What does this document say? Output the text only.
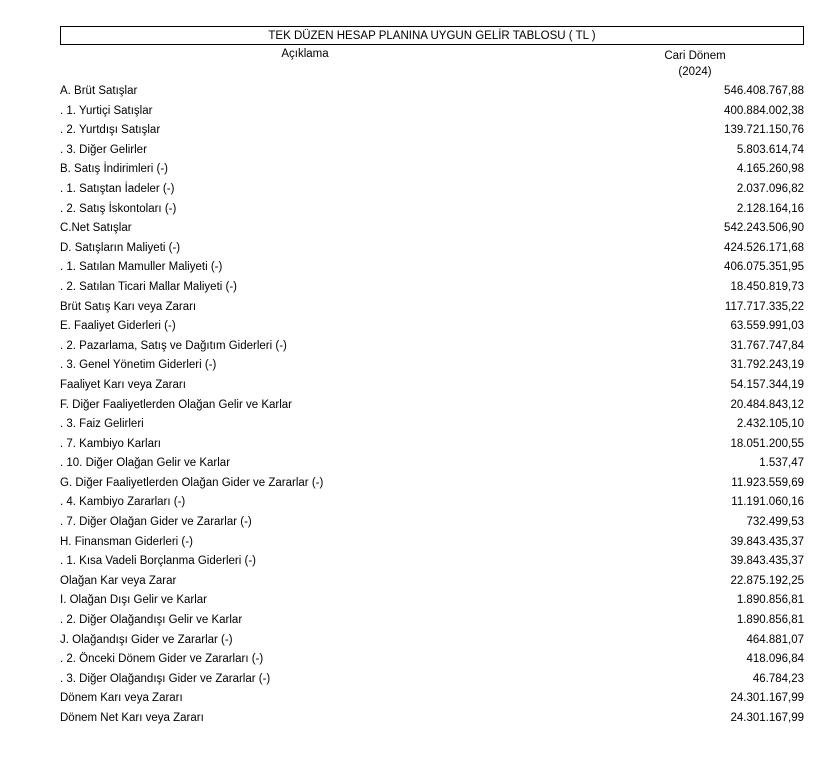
TEK DÜZEN HESAP PLANINA UYGUN GELİR TABLOSU ( TL )
Açıklama	Cari Dönem
(2024)
A. Brüt Satışlar	546.408.767,88
. 1. Yurtiçi Satışlar	400.884.002,38
. 2. Yurtdışı Satışlar	139.721.150,76
. 3. Diğer Gelirler	5.803.614,74
B. Satış İndirimleri (-)	4.165.260,98
. 1. Satıştan İadeler (-)	2.037.096,82
. 2. Satış İskontoları (-)	2.128.164,16
C.Net Satışlar	542.243.506,90
D. Satışların Maliyeti (-)	424.526.171,68
. 1. Satılan Mamuller Maliyeti (-)	406.075.351,95
. 2. Satılan Ticari Mallar Maliyeti (-)	18.450.819,73
Brüt Satış Karı veya Zararı	117.717.335,22
E. Faaliyet Giderleri (-)	63.559.991,03
. 2. Pazarlama, Satış ve Dağıtım Giderleri (-)	31.767.747,84
. 3. Genel Yönetim Giderleri (-)	31.792.243,19
Faaliyet Karı veya Zararı	54.157.344,19
F. Diğer Faaliyetlerden Olağan Gelir ve Karlar	20.484.843,12
. 3. Faiz Gelirleri	2.432.105,10
. 7. Kambiyo Karları	18.051.200,55
. 10. Diğer Olağan Gelir ve Karlar	1.537,47
G. Diğer Faaliyetlerden Olağan Gider ve Zararlar (-)	11.923.559,69
. 4. Kambiyo Zararları (-)	11.191.060,16
. 7. Diğer Olağan Gider ve Zararlar (-)	732.499,53
H. Finansman Giderleri (-)	39.843.435,37
. 1. Kısa Vadeli Borçlanma Giderleri (-)	39.843.435,37
Olağan Kar veya Zarar	22.875.192,25
I. Olağan Dışı Gelir ve Karlar	1.890.856,81
. 2. Diğer Olağandışı Gelir ve Karlar	1.890.856,81
J. Olağandışı Gider ve Zararlar (-)	464.881,07
. 2. Önceki Dönem Gider ve Zararları (-)	418.096,84
. 3. Diğer Olağandışı Gider ve Zararlar (-)	46.784,23
Dönem Karı veya Zararı	24.301.167,99
Dönem Net Karı veya Zararı	24.301.167,99
